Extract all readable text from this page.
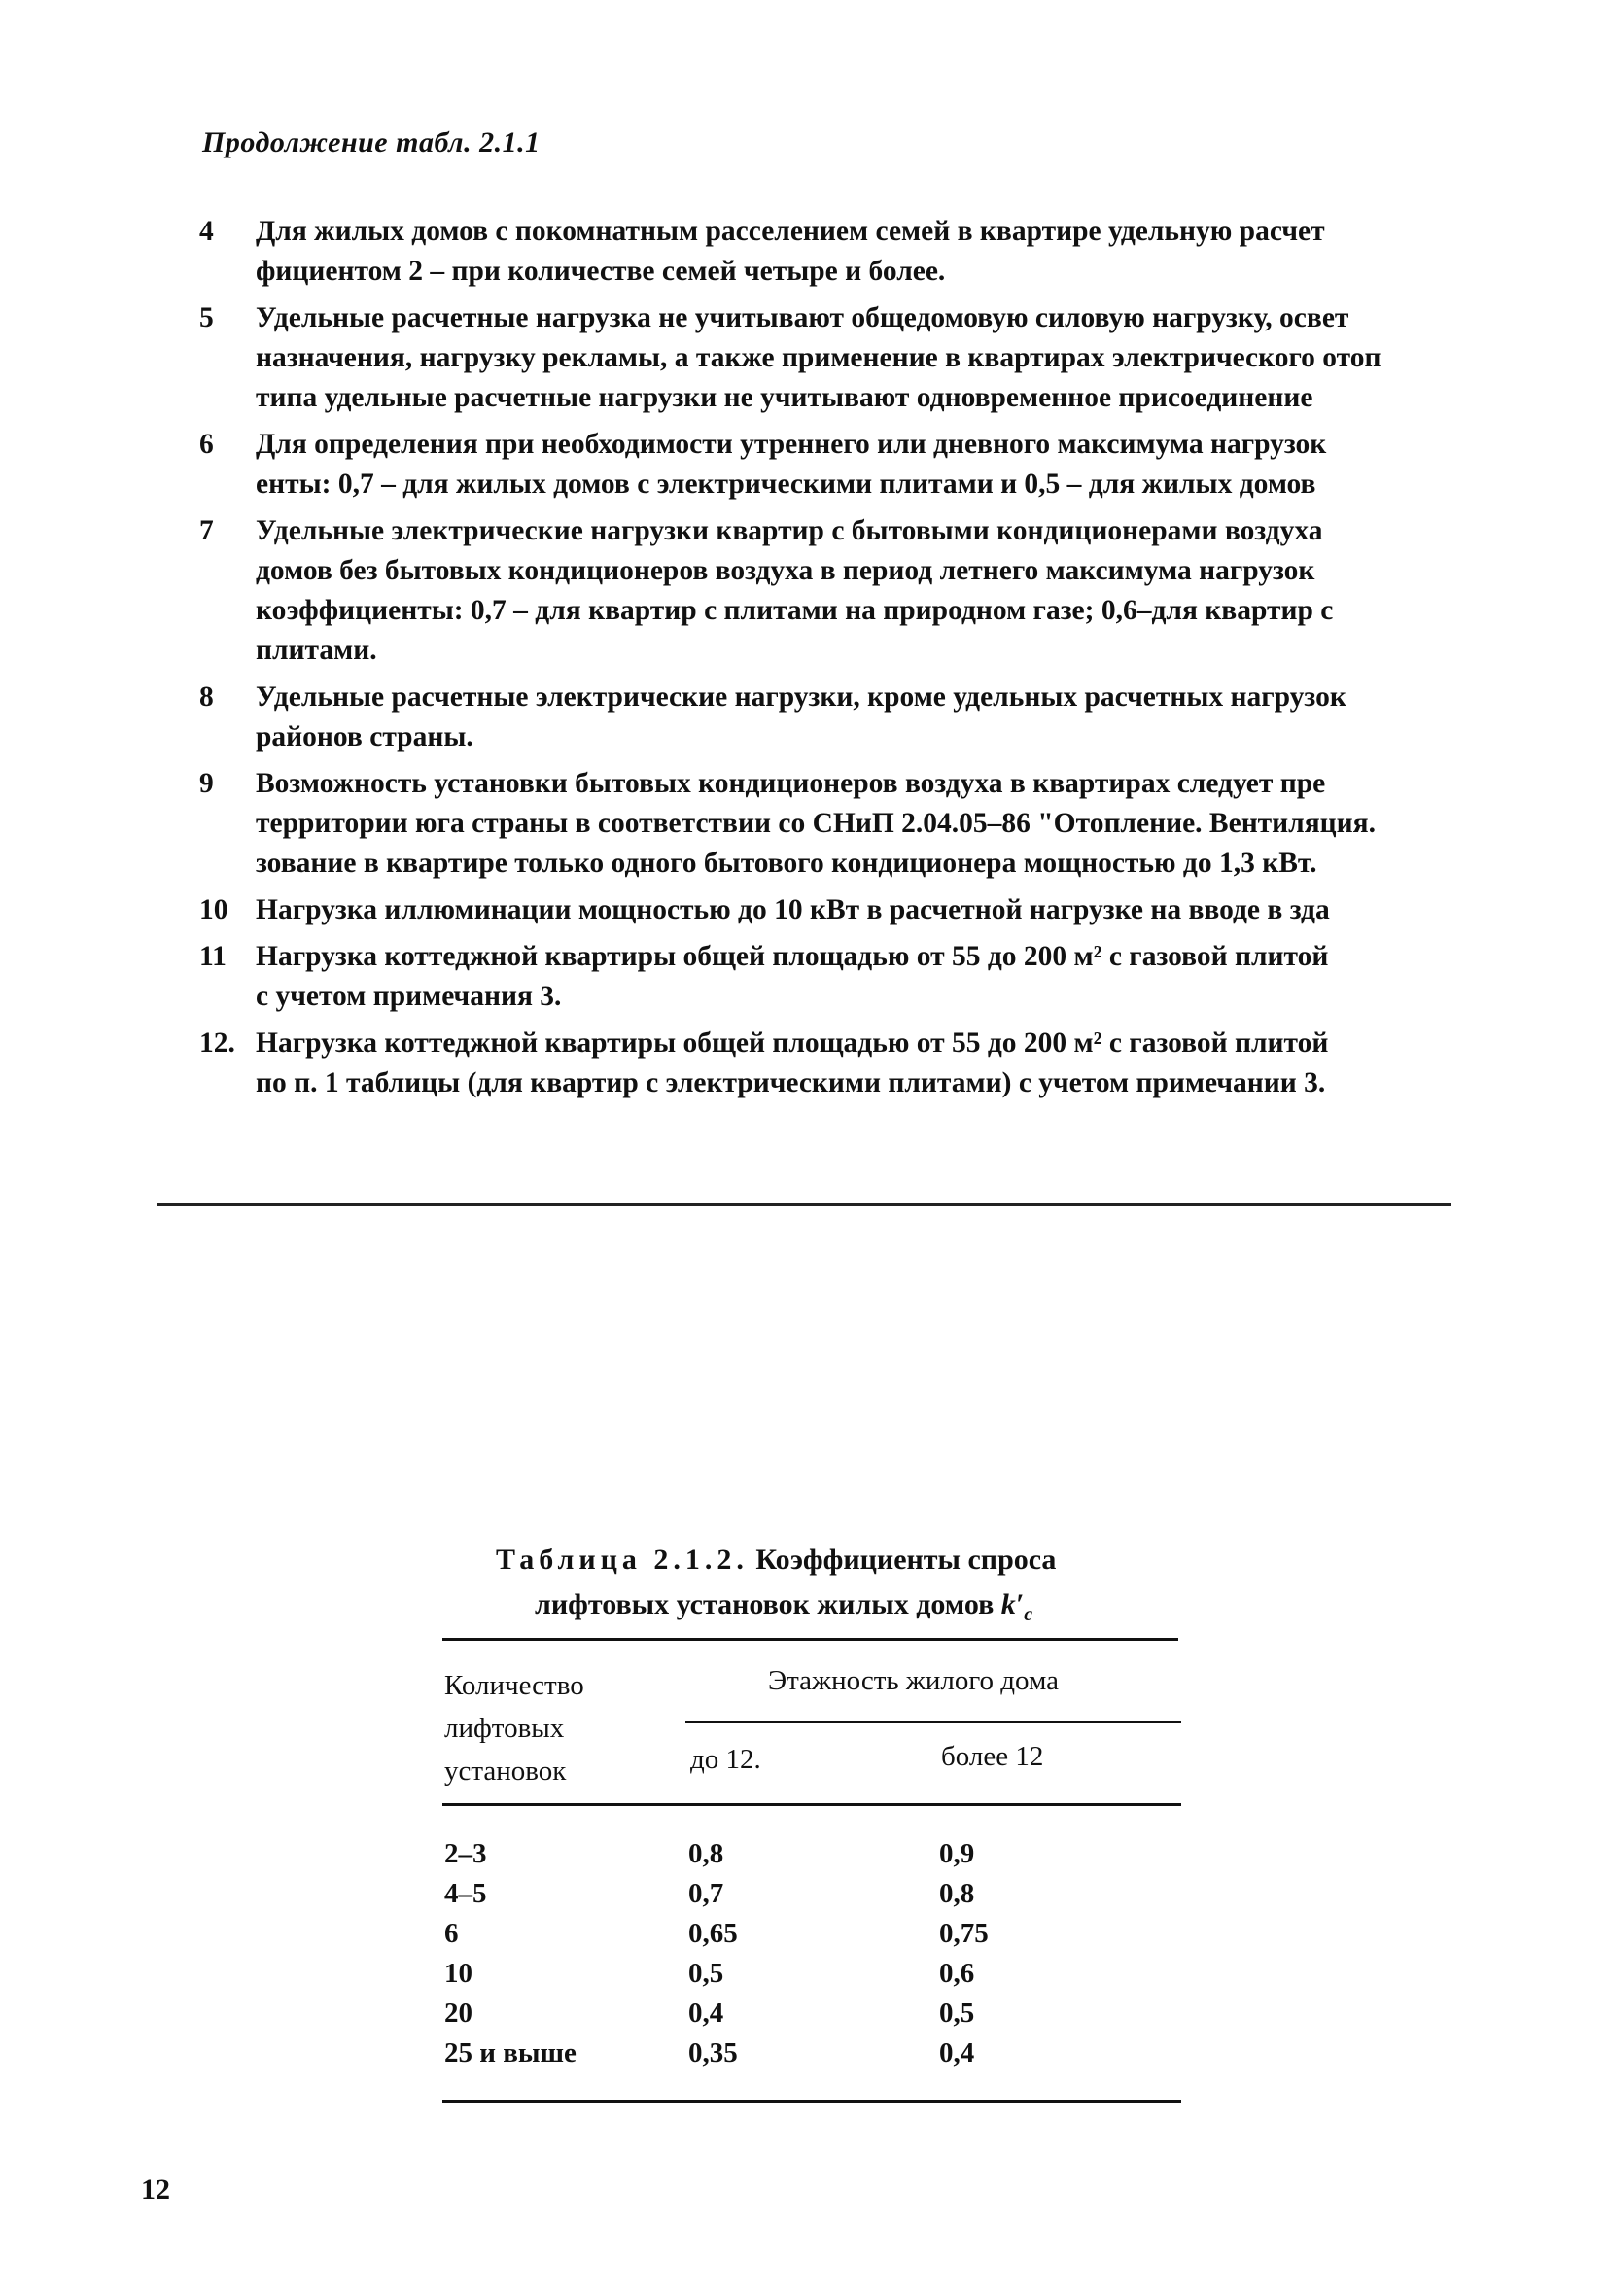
Продолжение табл. 2.1.1
4	Для жилых домов с покомнатным расселением семей в квартире удельную расчет
фициентом 2 – при количестве семей четыре и более.
5	Удельные расчетные нагрузка не учитывают общедомовую силовую нагрузку, освет
назначения, нагрузку рекламы, а также применение в квартирах электрического отоп
типа удельные расчетные нагрузки не учитывают одновременное присоединение
6	Для определения при необходимости утреннего или дневного максимума нагрузок
енты: 0,7 – для жилых домов с электрическими плитами и 0,5 – для жилых домов
7	Удельные электрические нагрузки квартир с бытовыми кондиционерами воздуха
домов без бытовых кондиционеров воздуха в период летнего максимума нагрузок
коэффициенты: 0,7 – для квартир с плитами на природном газе; 0,6–для квартир с
плитами.
8	Удельные расчетные электрические нагрузки, кроме удельных расчетных нагрузок
районов страны.
9	Возможность установки бытовых кондиционеров воздуха в квартирах следует пре
территории юга страны в соответствии со СНиП 2.04.05–86 "Отопление. Вентиляция.
зование в квартире только одного бытового кондиционера мощностью до 1,3 кВт.
10 Нагрузка иллюминации мощностью до 10 кВт в расчетной нагрузке на вводе в зда
11	Нагрузка коттеджной квартиры общей площадью от 55 до 200 м² с газовой плитой
с учетом примечания 3.
12. Нагрузка коттеджной квартиры общей площадью от 55 до 200 м² с газовой плитой
по п. 1 таблицы (для квартир с электрическими плитами) с учетом примечании 3.
Таблица 2.1.2. Коэффициенты спроса
лифтовых установок жилых домов $k'_c$
Количество
лифтовых
установок
Этажность жилого дома
до 12.	более 12
2–3	0,8	0,9
4–5	0,7	0,8
6	0,65	0,75
10	0,5	0,6
20	0,4	0,5
25 и выше	0,35	0,4
12
